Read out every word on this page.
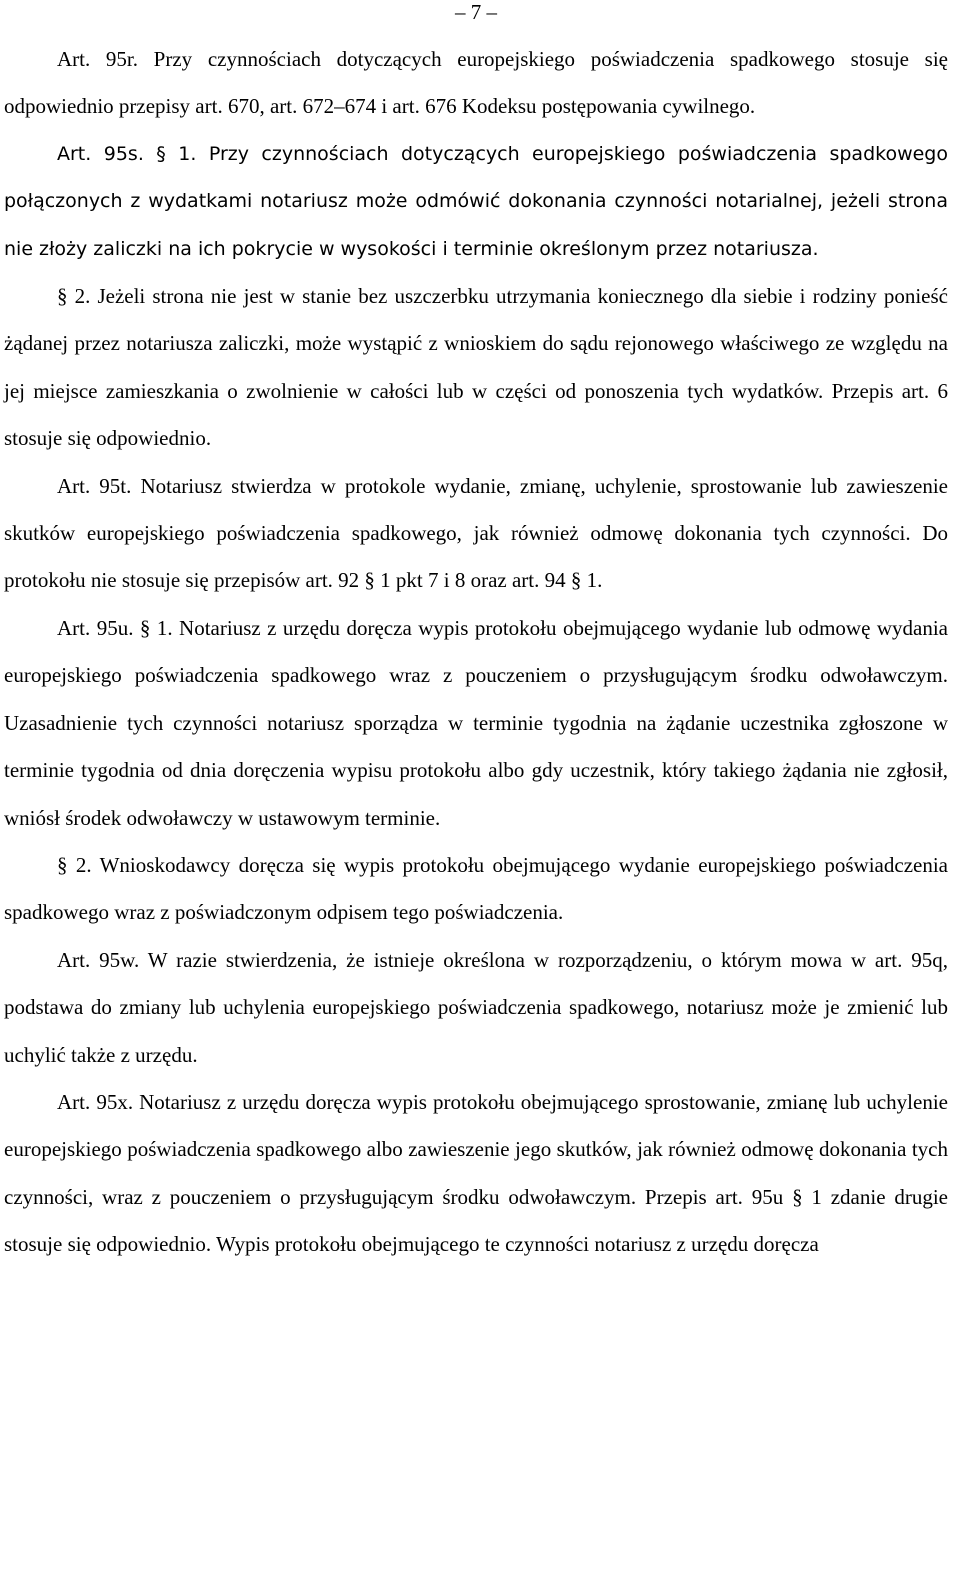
– 7 –

Art. 95r. Przy czynnościach dotyczących europejskiego poświadczenia spadkowego stosuje się odpowiednio przepisy art. 670, art. 672–674 i art. 676 Kodeksu postępowania cywilnego.

Art. 95s. § 1. Przy czynnościach dotyczących europejskiego poświadczenia spadkowego połączonych z wydatkami notariusz może odmówić dokonania czynności notarialnej, jeżeli strona nie złoży zaliczki na ich pokrycie w wysokości i terminie określonym przez notariusza.

§ 2. Jeżeli strona nie jest w stanie bez uszczerbku utrzymania koniecznego dla siebie i rodziny ponieść żądanej przez notariusza zaliczki, może wystąpić z wnioskiem do sądu rejonowego właściwego ze względu na jej miejsce zamieszkania o zwolnienie w całości lub w części od ponoszenia tych wydatków. Przepis art. 6 stosuje się odpowiednio.

Art. 95t. Notariusz stwierdza w protokole wydanie, zmianę, uchylenie, sprostowanie lub zawieszenie skutków europejskiego poświadczenia spadkowego, jak również odmowę dokonania tych czynności. Do protokołu nie stosuje się przepisów art. 92 § 1 pkt 7 i 8 oraz art. 94 § 1.

Art. 95u. § 1. Notariusz z urzędu doręcza wypis protokołu obejmującego wydanie lub odmowę wydania europejskiego poświadczenia spadkowego wraz z pouczeniem o przysługującym środku odwoławczym. Uzasadnienie tych czynności notariusz sporządza w terminie tygodnia na żądanie uczestnika zgłoszone w terminie tygodnia od dnia doręczenia wypisu protokołu albo gdy uczestnik, który takiego żądania nie zgłosił, wniósł środek odwoławczy w ustawowym terminie.

§ 2. Wnioskodawcy doręcza się wypis protokołu obejmującego wydanie europejskiego poświadczenia spadkowego wraz z poświadczonym odpisem tego poświadczenia.

Art. 95w. W razie stwierdzenia, że istnieje określona w rozporządzeniu, o którym mowa w art. 95q, podstawa do zmiany lub uchylenia europejskiego poświadczenia spadkowego, notariusz może je zmienić lub uchylić także z urzędu.

Art. 95x. Notariusz z urzędu doręcza wypis protokołu obejmującego sprostowanie, zmianę lub uchylenie europejskiego poświadczenia spadkowego albo zawieszenie jego skutków, jak również odmowę dokonania tych czynności, wraz z pouczeniem o przysługującym środku odwoławczym. Przepis art. 95u § 1 zdanie drugie stosuje się odpowiednio. Wypis protokołu obejmującego te czynności notariusz z urzędu doręcza
